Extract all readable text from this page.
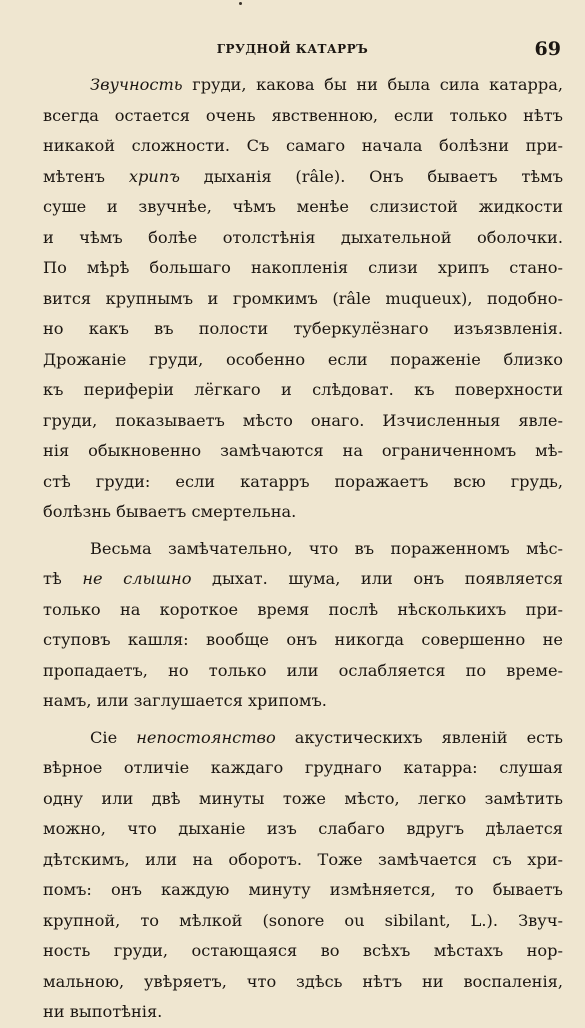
ГРУДНОЙ КАТАРРЪ	69
Звучность груди, какова бы ни была сила катарра,
всегда остается очень явственною, если только нѣтъ
никакой сложности. Съ самаго начала болѣзни при-
мѣтенъ хрипъ дыханія (râle). Онъ бываетъ тѣмъ
суше и звучнѣе, чѣмъ менѣе слизистой жидкости
и чѣмъ болѣе отолстѣнія дыхательной оболочки.
По мѣрѣ большаго накопленія слизи хрипъ стано-
вится крупнымъ и громкимъ (râle muqueux), подобно-
но какъ въ полости туберкулёзнаго изъязвленія.
Дрожаніе груди, особенно если пораженіе близко
къ периферіи лёгкаго и слѣдоват. къ поверхности
груди, показываетъ мѣсто онаго. Изчисленныя явле-
нія обыкновенно замѣчаются на ограниченномъ мѣ-
стѣ груди: если катарръ поражаетъ всю грудь,
болѣзнь бываетъ смертельна.
Весьма замѣчательно, что въ пораженномъ мѣс-
тѣ не слышно дыхат. шума, или онъ появляется
только на короткое время послѣ нѣсколькихъ при-
ступовъ кашля: вообще онъ никогда совершенно не
пропадаетъ, но только или ослабляется по време-
намъ, или заглушается хрипомъ.
Сіе непостоянство акустическихъ явленій есть
вѣрное отличіе каждаго груднаго катарра: слушая
одну или двѣ минуты тоже мѣсто, легко замѣтить
можно, что дыханіе изъ слабаго вдругъ дѣлается
дѣтскимъ, или на оборотъ. Тоже замѣчается съ хри-
помъ: онъ каждую минуту измѣняется, то бываетъ
крупной, то мѣлкой (sonore ou sibilant, L.). Звуч-
ность груди, остающаяся во всѣхъ мѣстахъ нор-
мальною, увѣряетъ, что здѣсь нѣтъ ни воспаленія,
ни выпотѣнія.
